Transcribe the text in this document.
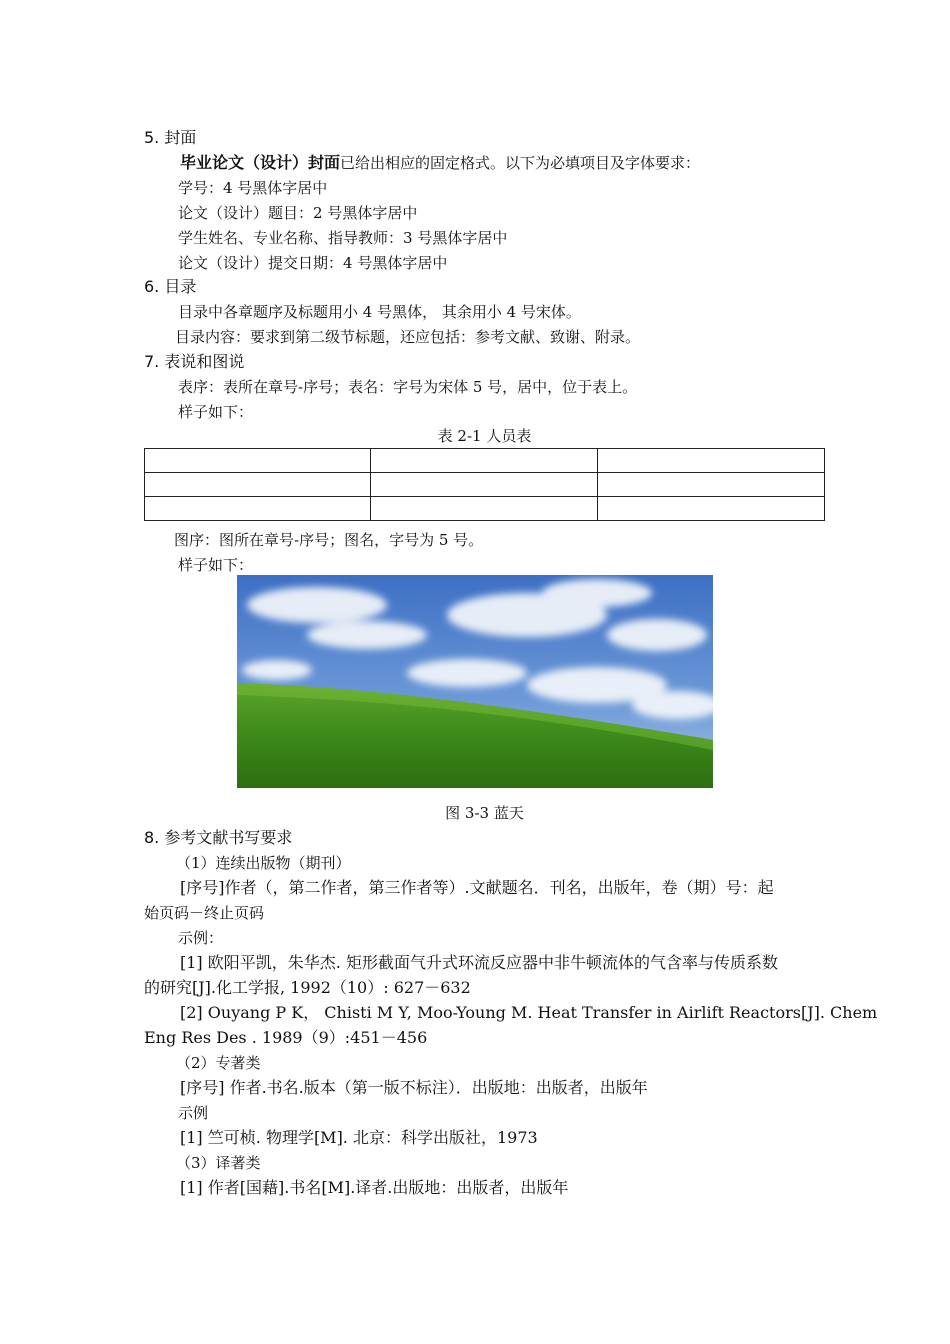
5. 封面
毕业论文（设计）封面已给出相应的固定格式。以下为必填项目及字体要求：
学号：4 号黑体字居中
论文（设计）题目：2 号黑体字居中
学生姓名、专业名称、指导教师：3 号黑体字居中
论文（设计）提交日期：4 号黑体字居中
6. 目录
目录中各章题序及标题用小 4 号黑体， 其余用小 4 号宋体。
目录内容：要求到第二级节标题，还应包括：参考文献、致谢、附录。
7. 表说和图说
表序：表所在章号-序号；表名：字号为宋体 5 号，居中，位于表上。
样子如下：
表 2-1 人员表

图序：图所在章号-序号；图名，字号为 5 号。
样子如下：
图 3-3 蓝天
8. 参考文献书写要求
（1）连续出版物（期刊）
[序号]作者（，第二作者，第三作者等）.文献题名．刊名，出版年，卷（期）号：起
始页码－终止页码
示例：
[1] 欧阳平凯，朱华杰. 矩形截面气升式环流反应器中非牛顿流体的气含率与传质系数
的研究[J].化工学报, 1992（10）: 627－632
[2] Ouyang P K， Chisti M Y, Moo-Young M. Heat Transfer in Airlift Reactors[J]. Chem
Eng Res Des . 1989（9）:451－456
（2）专著类
[序号] 作者.书名.版本（第一版不标注）．出版地：出版者，出版年
示例
[1] 竺可桢. 物理学[M]. 北京：科学出版社，1973
（3）译著类
[1] 作者[国藉].书名[M].译者.出版地：出版者，出版年
